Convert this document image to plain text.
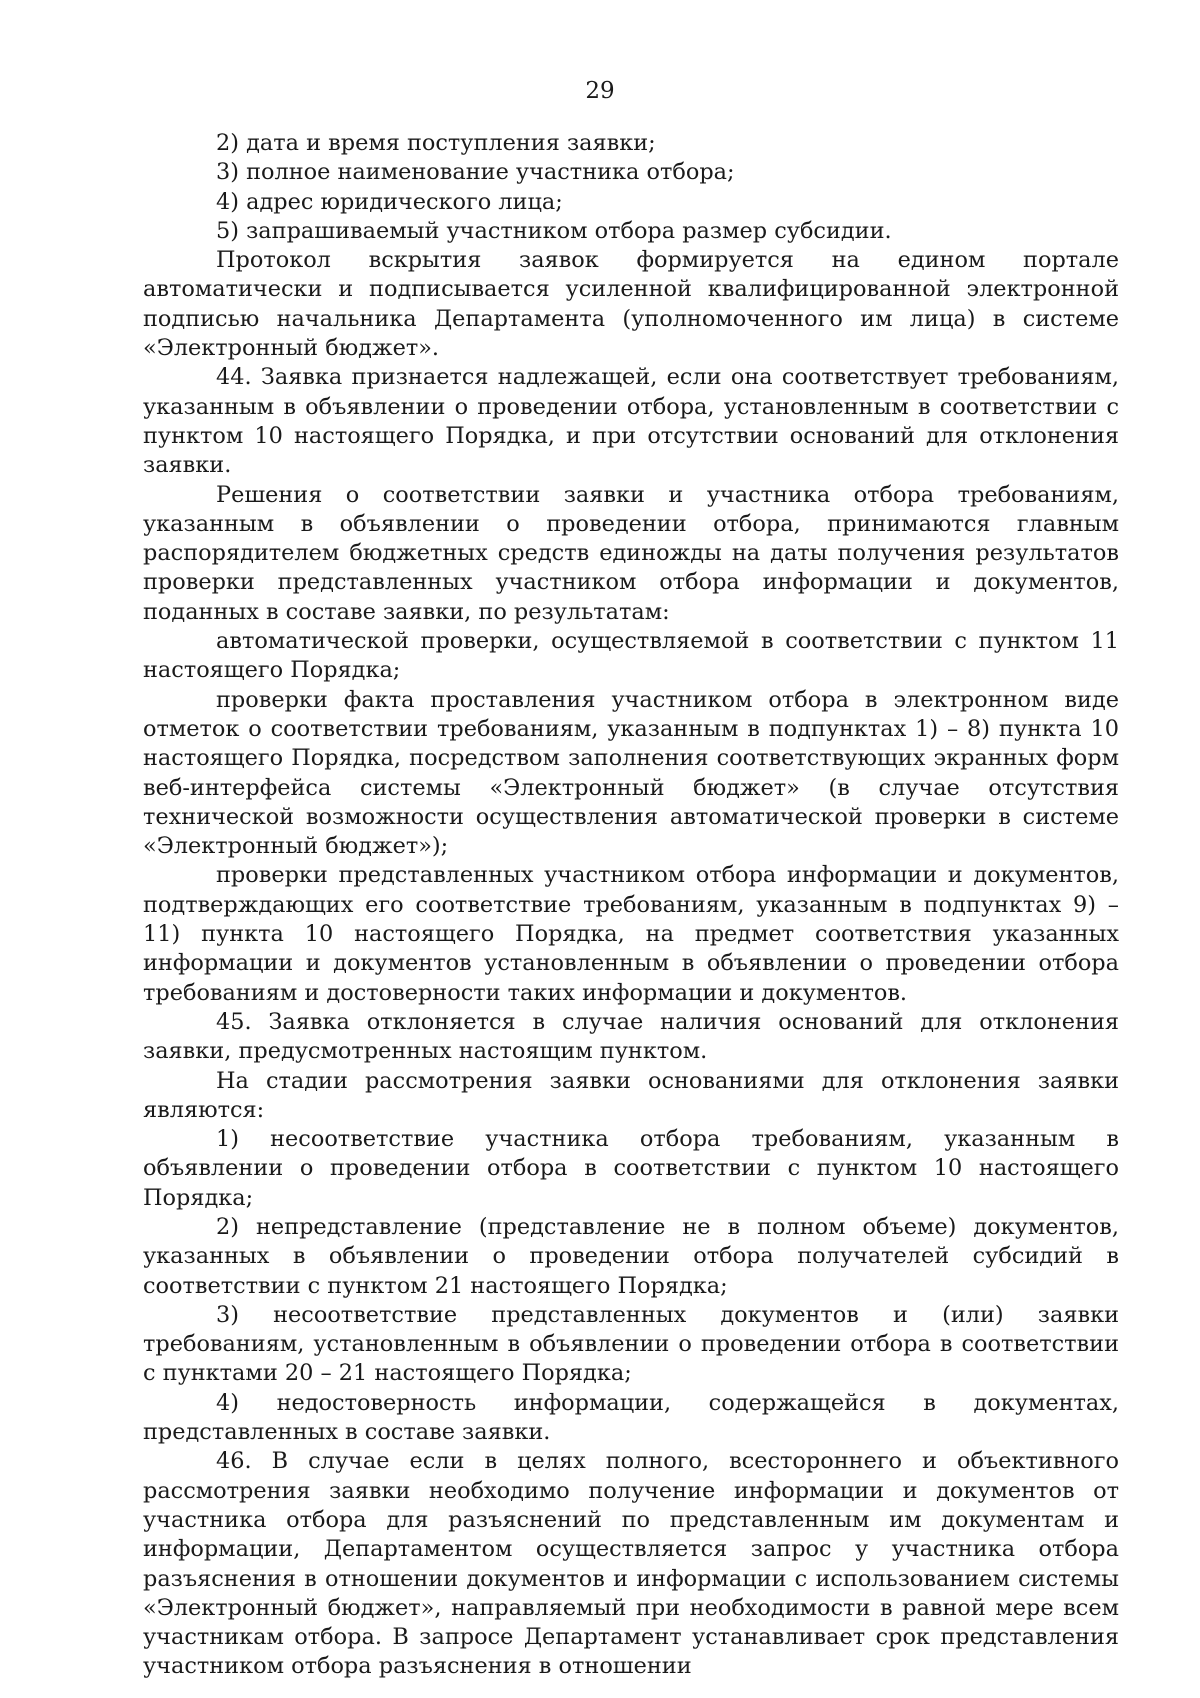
29

2) дата и время поступления заявки;

3) полное наименование участника отбора;

4) адрес юридического лица;

5) запрашиваемый участником отбора размер субсидии.

Протокол вскрытия заявок формируется на едином портале автоматически и подписывается усиленной квалифицированной электронной подписью начальника Департамента (уполномоченного им лица) в системе «Электронный бюджет».

44. Заявка признается надлежащей, если она соответствует требованиям, указанным в объявлении о проведении отбора, установленным в соответствии с пунктом 10 настоящего Порядка, и при отсутствии оснований для отклонения заявки.

Решения о соответствии заявки и участника отбора требованиям, указанным в объявлении о проведении отбора, принимаются главным распорядителем бюджетных средств единожды на даты получения результатов проверки представленных участником отбора информации и документов, поданных в составе заявки, по результатам:

автоматической проверки, осуществляемой в соответствии с пунктом 11 настоящего Порядка;

проверки факта проставления участником отбора в электронном виде отметок о соответствии требованиям, указанным в подпунктах 1) – 8) пункта 10 настоящего Порядка, посредством заполнения соответствующих экранных форм веб-интерфейса системы «Электронный бюджет» (в случае отсутствия технической возможности осуществления автоматической проверки в системе «Электронный бюджет»);

проверки представленных участником отбора информации и документов, подтверждающих его соответствие требованиям, указанным в подпунктах 9) – 11) пункта 10 настоящего Порядка, на предмет соответствия указанных информации и документов установленным в объявлении о проведении отбора требованиям и достоверности таких информации и документов.

45. Заявка отклоняется в случае наличия оснований для отклонения заявки, предусмотренных настоящим пунктом.

На стадии рассмотрения заявки основаниями для отклонения заявки являются:

1) несоответствие участника отбора требованиям, указанным в объявлении о проведении отбора в соответствии с пунктом 10 настоящего Порядка;

2) непредставление (представление не в полном объеме) документов, указанных в объявлении о проведении отбора получателей субсидий в соответствии с пунктом 21 настоящего Порядка;

3) несоответствие представленных документов и (или) заявки требованиям, установленным в объявлении о проведении отбора в соответствии с пунктами 20 – 21 настоящего Порядка;

4) недостоверность информации, содержащейся в документах, представленных в составе заявки.

46. В случае если в целях полного, всестороннего и объективного рассмотрения заявки необходимо получение информации и документов от участника отбора для разъяснений по представленным им документам и информации, Департаментом осуществляется запрос у участника отбора разъяснения в отношении документов и информации с использованием системы «Электронный бюджет», направляемый при необходимости в равной мере всем участникам отбора. В запросе Департамент устанавливает срок представления участником отбора разъяснения в отношении
